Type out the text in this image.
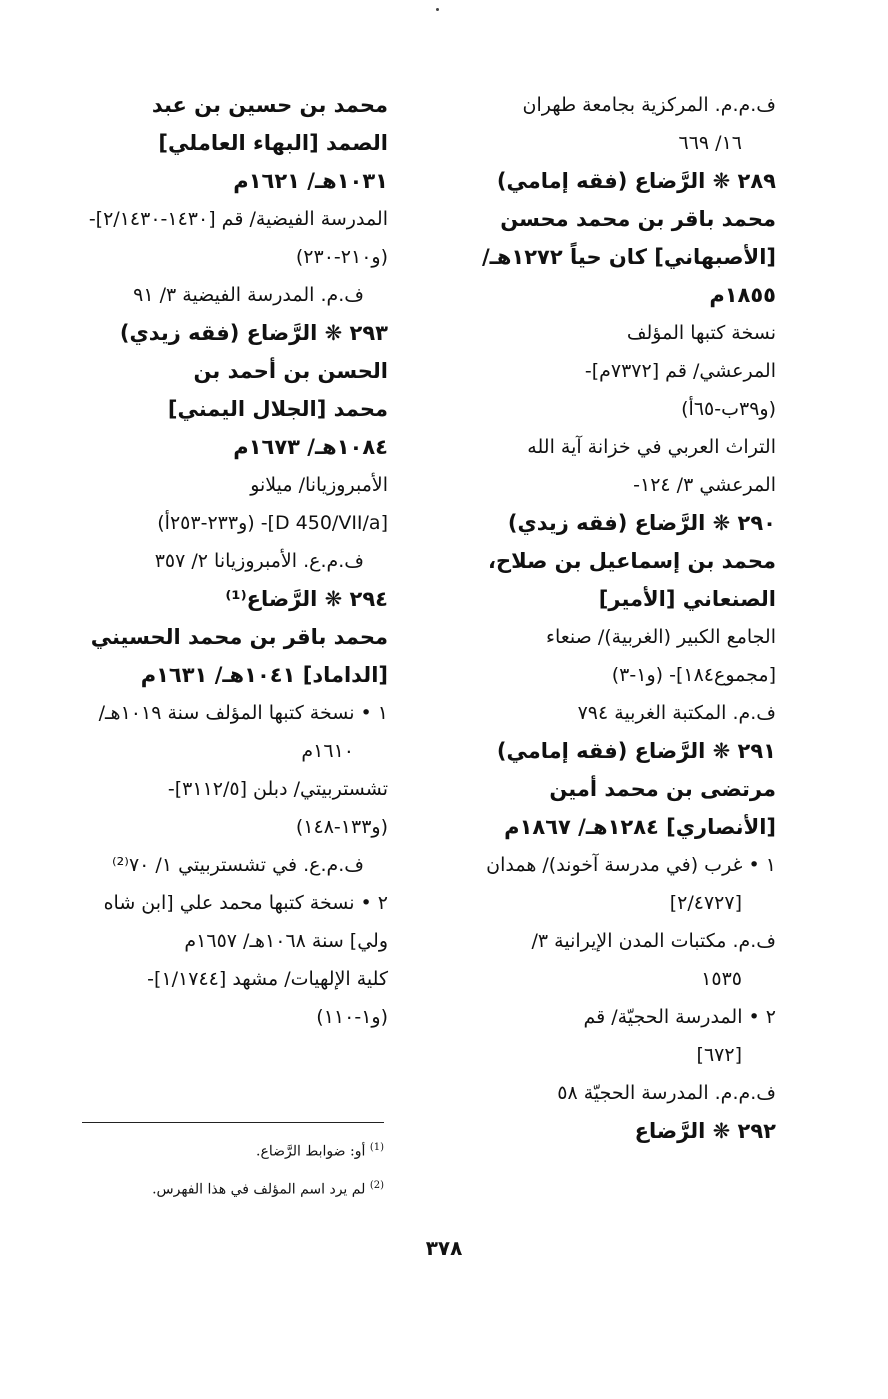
ف.م.م. المركزية بجامعة طهران
١٦/ ٦٦٩
٢٨٩ ❋ الرَّضاع (فقه إمامي)
محمد باقر بن محمد محسن
[الأصبهاني] كان حياً ١٢٧٢هـ/
١٨٥٥م
نسخة كتبها المؤلف
المرعشي/ قم [٧٣٧٢م]-
(و٣٩ب-٦٥أ)
التراث العربي في خزانة آية الله
المرعشي ٣/ ١٢٤-
٢٩٠ ❋ الرَّضاع (فقه زيدي)
محمد بن إسماعيل بن صلاح،
الصنعاني [الأمير]
الجامع الكبير (الغربية)/ صنعاء
[مجموع١٨٤]- (و١-٣)
ف.م. المكتبة الغربية ٧٩٤
٢٩١ ❋ الرَّضاع (فقه إمامي)
مرتضى بن محمد أمين
[الأنصاري] ١٢٨٤هـ/ ١٨٦٧م
١ • غرب (في مدرسة آخوند)/ همدان
[٢/٤٧٢٧]
ف.م. مكتبات المدن الإيرانية ٣/
١٥٣٥
٢ • المدرسة الحجيّة/ قم
[٦٧٢]
ف.م.م. المدرسة الحجيّة ٥٨
٢٩٢ ❋ الرَّضاع
محمد بن حسين بن عبد
الصمد [البهاء العاملي]
١٠٣١هـ/ ١٦٢١م
المدرسة الفيضية/ قم [١٤٣٠-٢/١٤٣٠]-
(و٢١٠-٢٣٠)
ف.م. المدرسة الفيضية ٣/ ٩١
٢٩٣ ❋ الرَّضاع (فقه زيدي)
الحسن بن أحمد بن
محمد [الجلال اليمني]
١٠٨٤هـ/ ١٦٧٣م
الأمبروزيانا/ ميلانو
[D 450/VII/a]- (و٢٣٣-٢٥٣أ)
ف.م.ع. الأمبروزيانا ٢/ ٣٥٧
٢٩٤ ❋ الرَّضاع⁽¹⁾
محمد باقر بن محمد الحسيني
[الداماد] ١٠٤١هـ/ ١٦٣١م
١ • نسخة كتبها المؤلف سنة ١٠١٩هـ/
١٦١٠م
تشستربيتي/ دبلن [٣١١٢/٥]-
(و١٣٣-١٤٨)
ف.م.ع. في تشستربيتي ١/ ٧٠⁽²⁾
٢ • نسخة كتبها محمد علي [ابن شاه
ولي] سنة ١٠٦٨هـ/ ١٦٥٧م
كلية الإلهيات/ مشهد [١/١٧٤٤]-
(و١-١١٠)
$^{(1)}$ أو: ضوابط الرَّضاع.
$^{(2)}$ لم يرد اسم المؤلف في هذا الفهرس.
٣٧٨
